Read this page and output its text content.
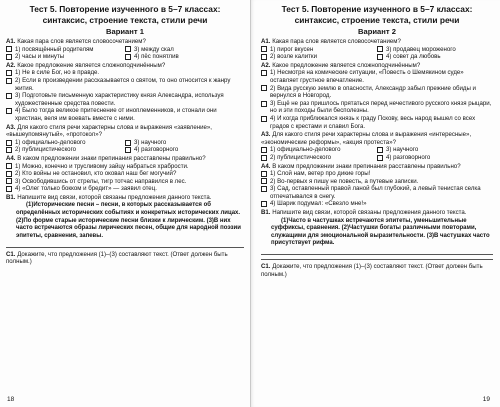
Тест 5. Повторение изученного в 5–7 классах:
синтаксис, строение текста, стили речи
Вариант 1
А1. Какая пара слов является словосочетанием?
1) посвящённый родителям	3) между скал
2) часы и минуты	4) пёс понятлив
А2. Какое предложение является сложноподчинённым?
1) Не в силе Бог, но в правде.
2) Если в произведении рассказывается о святом, то оно относится к жанру жития.
3) Подготовьте письменную характеристику князя Александра, используя художественные средства повести.
4) Было тогда великое притеснение от иноплеменников, и стонали они христиан, веля им воевать вместе с ними.
А3. Для какого стиля речи характерны слова и выражения «заявление», «вышеупомянутый», «протокол»?
1) официально-делового	3) научного
2) публицистического	4) разговорного
А4. В каком предложении знаки препинания расставлены правильно?
1) Можно, конечно и трусливому зайцу набраться храбрости.
2) Кто войны не остановил, кто оковал наш бег могучий?
3) Освободившись от стрелы, тигр тотчас направился в лес.
4) «Олег только бокком и бредит» — заявил отец.
В1. Напишите вид связи, которой связаны предложения данного текста.
(1)Исторические песни – песни, в которых рассказывается об определённых исторических событиях и конкретных исторических лицах. (2)По форме старые исторические песни близки к лирическим. (3)В них часто встречаются образы лирических песен, общие для народной поэзии эпитеты, сравнения, запевы.
С1. Докажите, что предложения (1)–(3) составляют текст. (Ответ должен быть полным.)
18
Тест 5. Повторение изученного в 5–7 классах:
синтаксис, строение текста, стили речи
Вариант 2
А1. Какая пара слов является словосочетанием?
1) пирог вкусен	3) продавец мороженого
2) возле калитки	4) совет да любовь
А2. Какое предложение является сложноподчинённым?
1) Несмотря на комические ситуации, «Повесть о Шемякином суде» оставляет грустное впечатление.
2) Вида русскую землю в опасности, Александр забыл прежние обиды и вернулся в Новгород.
3) Ещё не раз пришлось прятаться перед нечестивого русского князя рыцари, но и эти походы были бесполезны.
4) И когда приближался князь к граду Пскову, весь народ вышел со всех градов с крестами и славил Бога.
А3. Для какого стиля речи характерны слова и выражения «интересные», «экономические реформы», «акция протеста»?
1) официально-делового	3) научного
2) публицистического	4) разговорного
А4. В каком предложении знаки препинания расставлены правильно?
1) Слой нам, ветер про дикие горы!
2) Во-первых я пишу не повесть, а путевые записки.
3) Сад, оставленный правой ланой был глубокий, а левый тенистая селка отпечатывался в снегу.
4) Шарик подумал: «Свезло мне!»
В1. Напишите вид связи, которой связаны предложения данного текста.
(1)Часто в частушках встречаются эпитеты, уменьшительные суффиксы, сравнения. (2)Частушки богаты различными повторами, служащими для эмоциональной выразительности. (3)В частушках часто присутствует рифма.
С1. Докажите, что предложения (1)–(3) составляют текст. (Ответ должен быть полным.)
19
